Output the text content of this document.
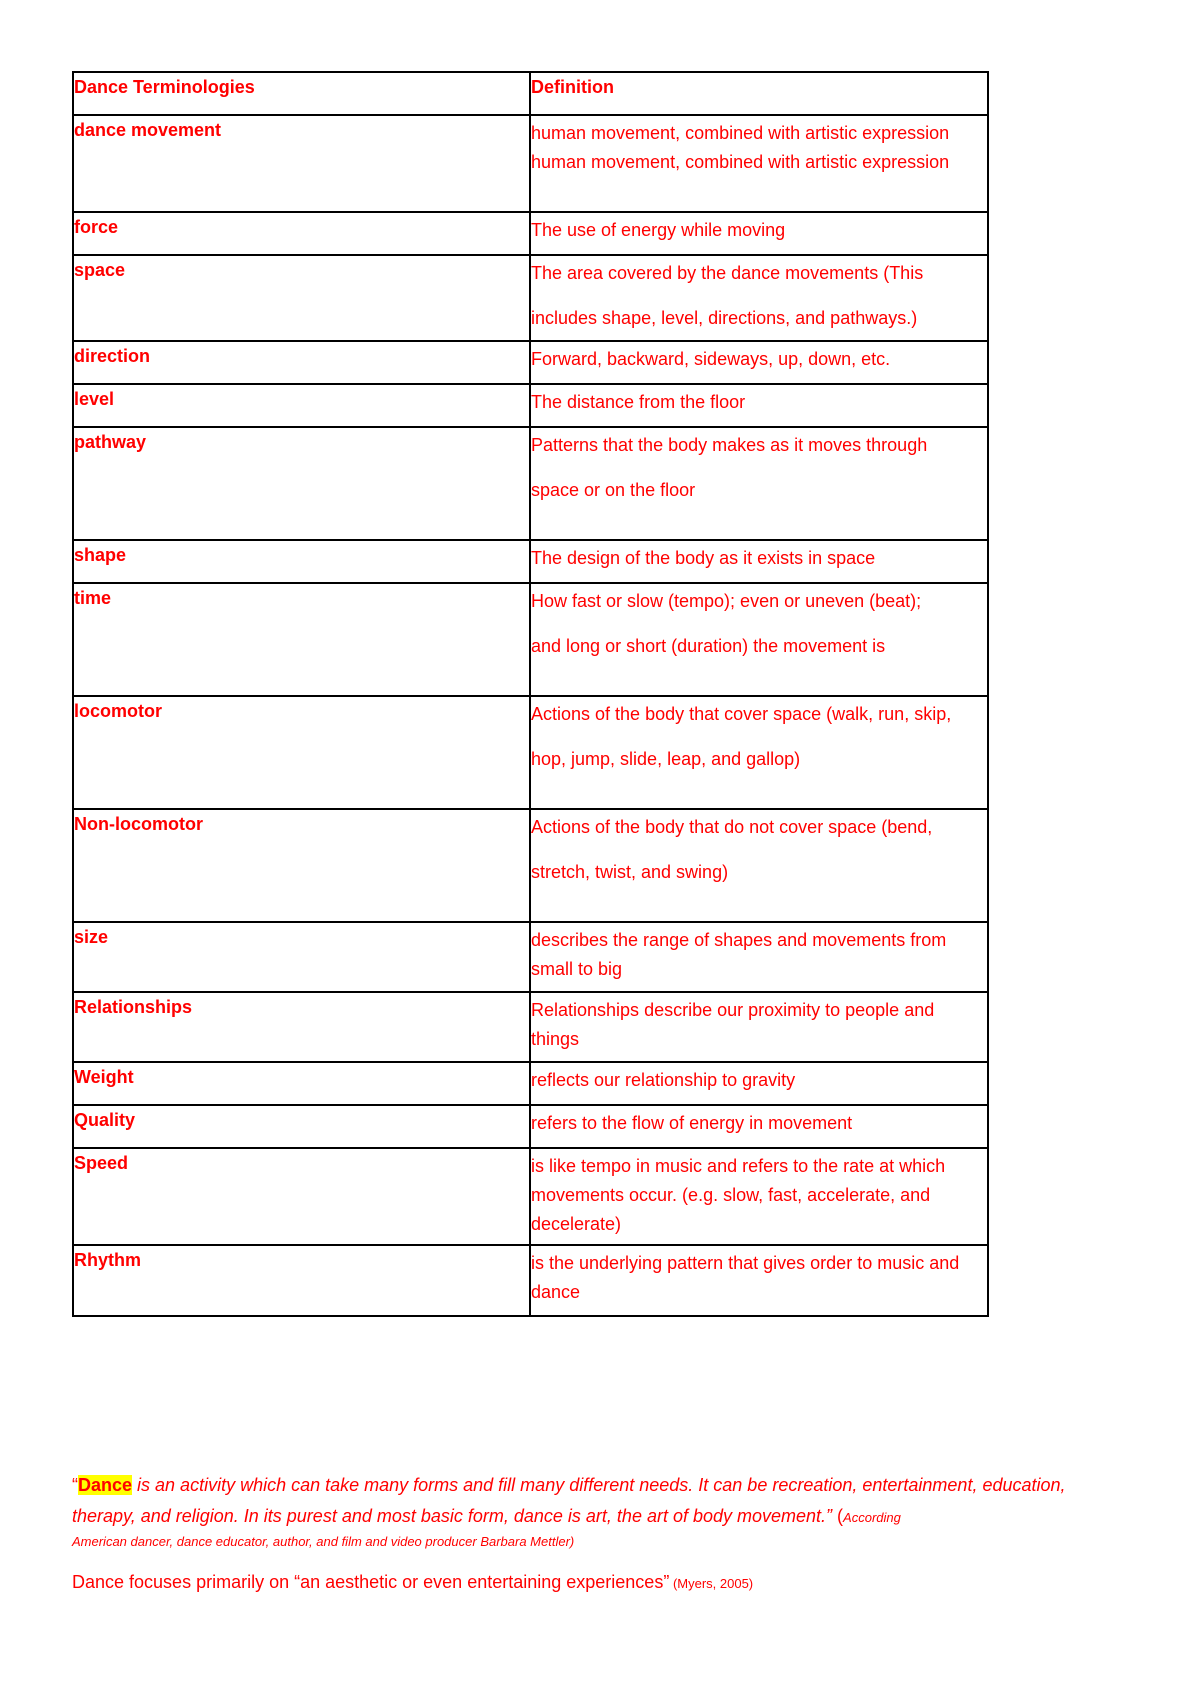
Dance Terminologies	Definition
dance movement	human movement, combined with artistic expression human movement, combined with artistic expression

force	The use of energy while moving

space	The area covered by the dance movements (This

includes shape, level, directions, and pathways.)

direction	Forward, backward, sideways, up, down, etc.

level	The distance from the floor

pathway	Patterns that the body makes as it moves through

space or on the floor

shape	The design of the body as it exists in space

time	How fast or slow (tempo); even or uneven (beat);

and long or short (duration) the movement is

locomotor	Actions of the body that cover space (walk, run, skip,

hop, jump, slide, leap, and gallop)

Non-locomotor	Actions of the body that do not cover space (bend,

stretch, twist, and swing)

size	describes the range of shapes and movements from small to big

Relationships	Relationships describe our proximity to people and things

Weight	reflects our relationship to gravity

Quality	refers to the flow of energy in movement

Speed	is like tempo in music and refers to the rate at which movements occur. (e.g. slow, fast, accelerate, and decelerate)

Rhythm	is the underlying pattern that gives order to music and dance

“Dance is an activity which can take many forms and fill many different needs. It can be recreation, entertainment, education, therapy, and religion. In its purest and most basic form, dance is art, the art of body movement.” (According
American dancer, dance educator, author, and film and video producer Barbara Mettler)
Dance focuses primarily on “an aesthetic or even entertaining experiences” (Myers, 2005)
